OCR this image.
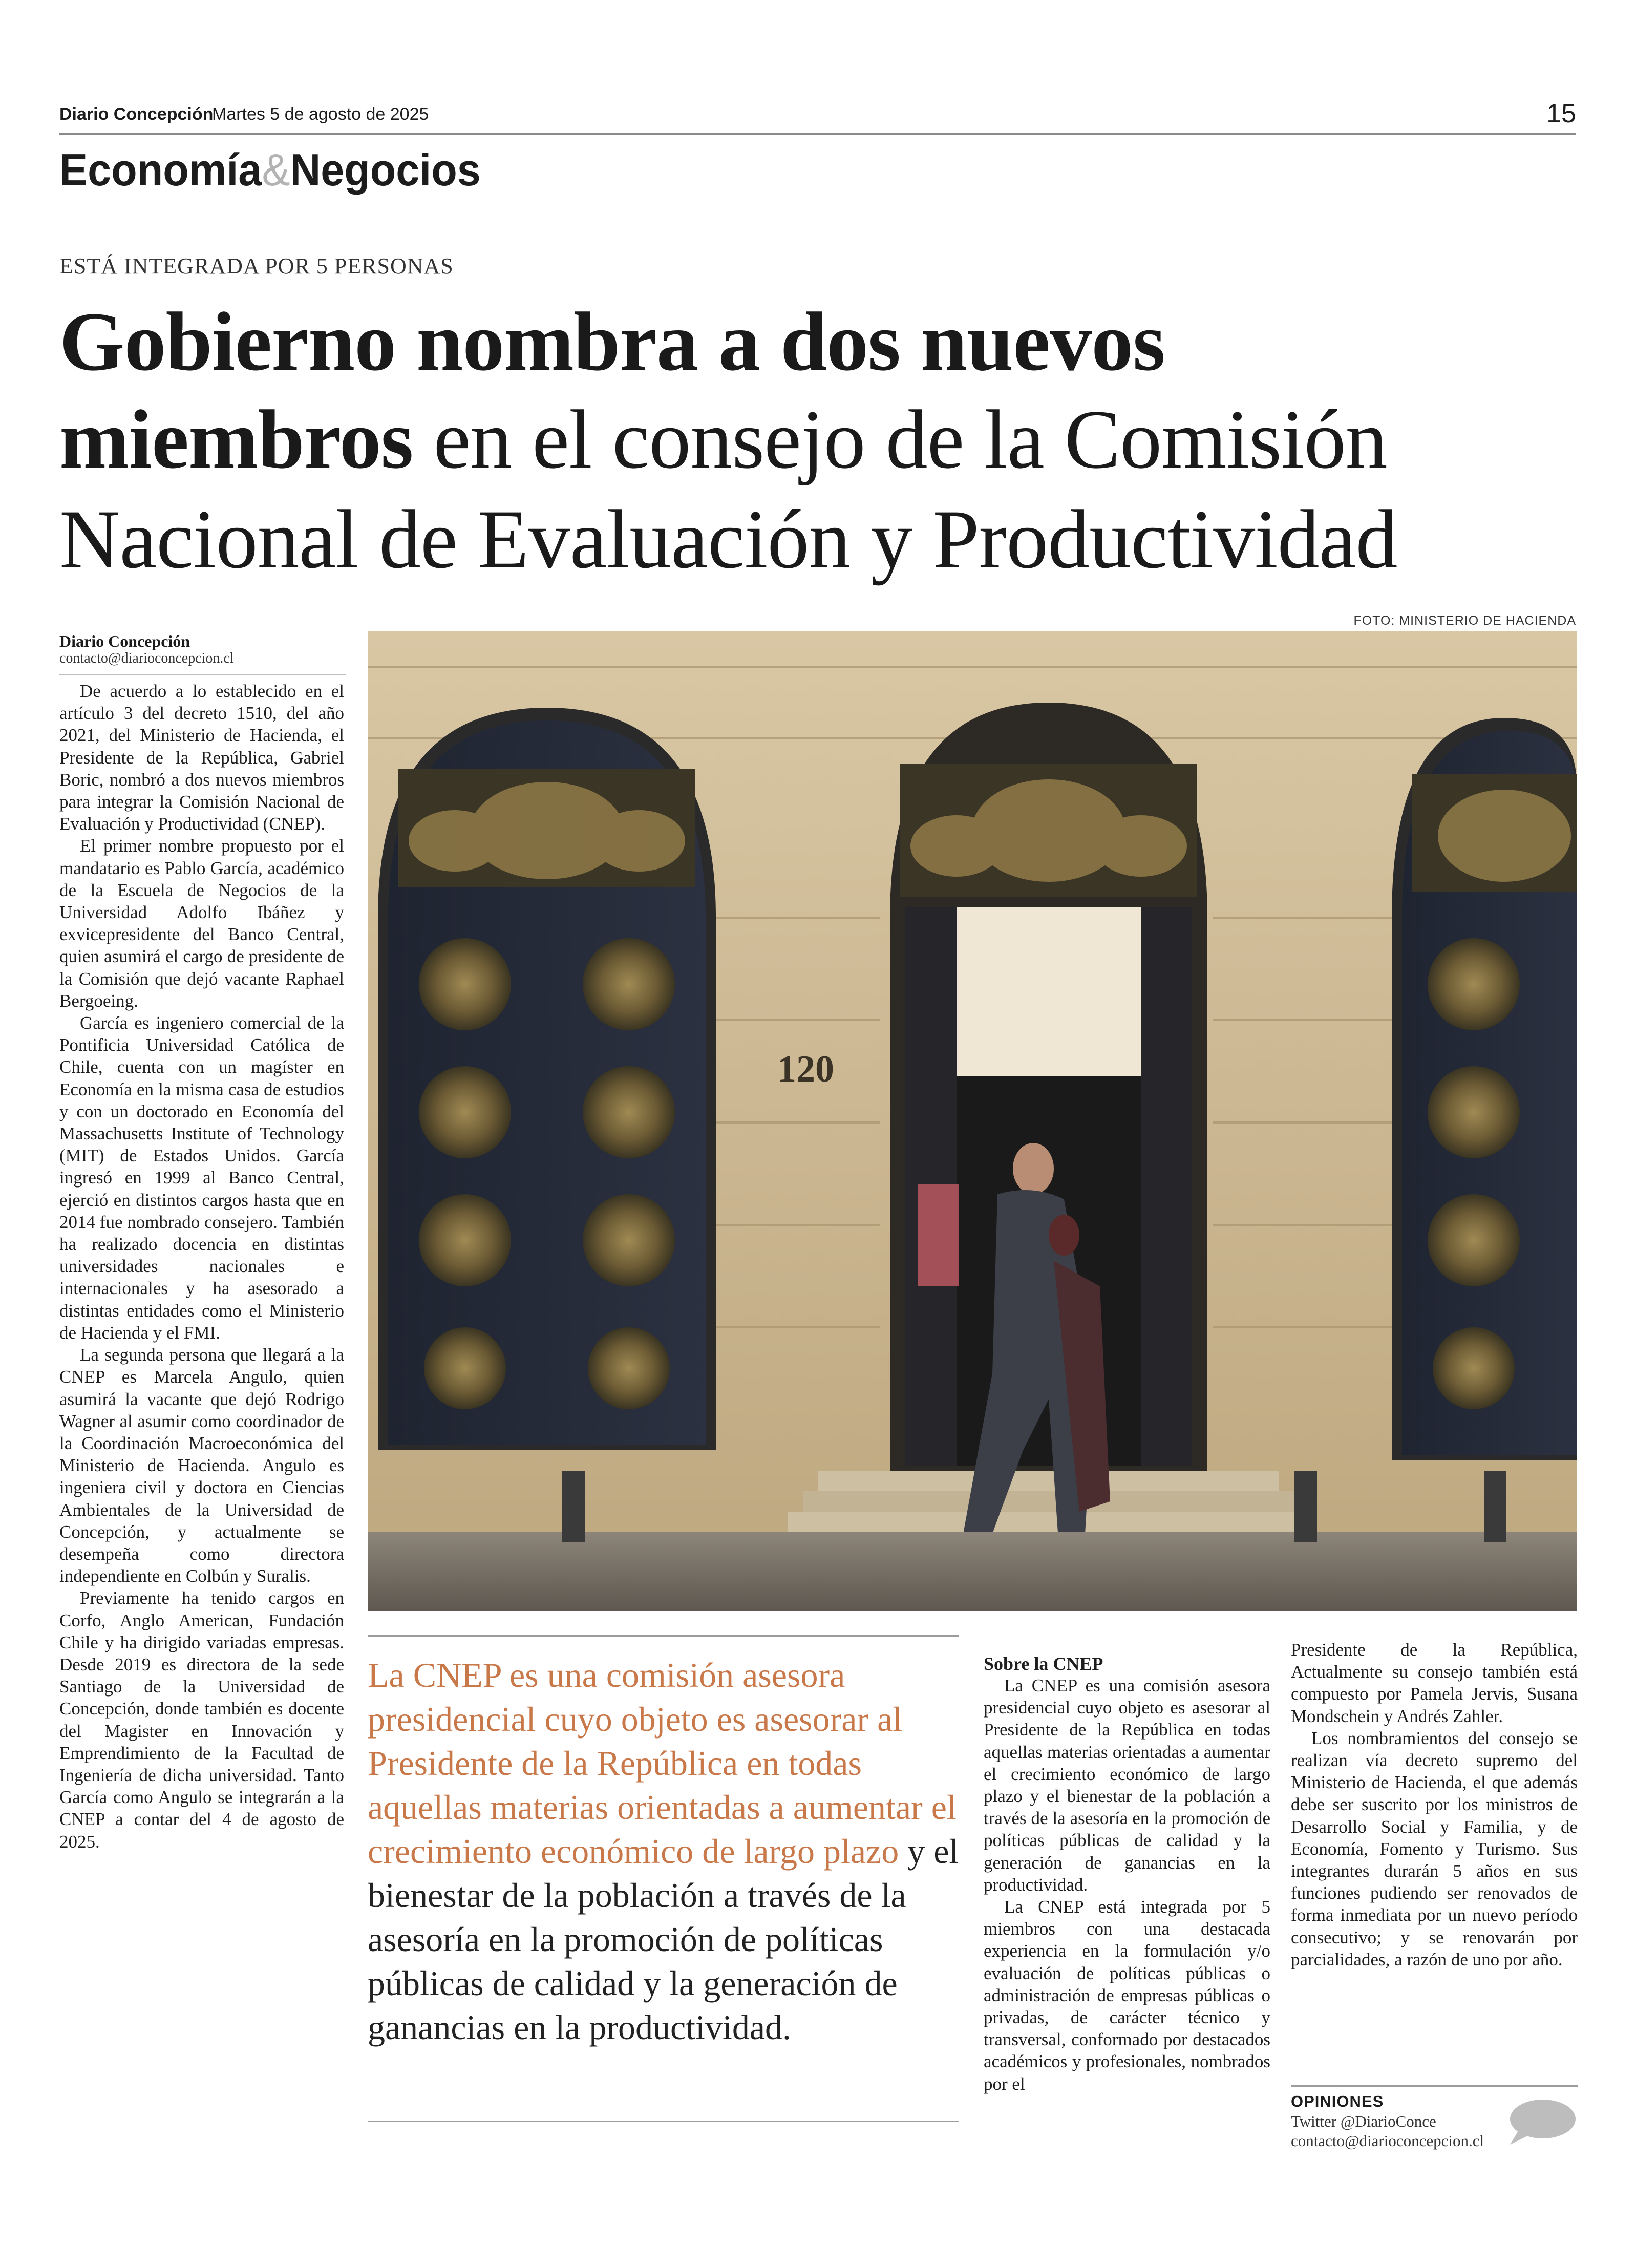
Diario Concepción
Martes 5 de agosto de 2025	15
Economía&Negocios
ESTÁ INTEGRADA POR 5 PERSONAS
Gobierno nombra a dos nuevos
miembros en el consejo de la Comisión
Nacional de Evaluación y Productividad
Diario Concepción
contacto@diarioconcepcion.cl

De acuerdo a lo establecido en el artículo 3 del decreto 1510, del año 2021, del Ministerio de Hacienda, el Presidente de la República, Gabriel Boric, nombró a dos nuevos miembros para integrar la Comisión Nacional de Evaluación y Productividad (CNEP).

El primer nombre propuesto por el mandatario es Pablo García, académico de la Escuela de Negocios de la Universidad Adolfo Ibáñez y exvicepresidente del Banco Central, quien asumirá el cargo de presidente de la Comisión que dejó vacante Raphael Bergoeing.

García es ingeniero comercial de la Pontificia Universidad Católica de Chile, cuenta con un magíster en Economía en la misma casa de estudios y con un doctorado en Economía del Massachusetts Institute of Technology (MIT) de Estados Unidos. García ingresó en 1999 al Banco Central, ejerció en distintos cargos hasta que en 2014 fue nombrado consejero. También ha realizado docencia en distintas universidades nacionales e internacionales y ha asesorado a distintas entidades como el Ministerio de Hacienda y el FMI.

La segunda persona que llegará a la CNEP es Marcela Angulo, quien asumirá la vacante que dejó Rodrigo Wagner al asumir como coordinador de la Coordinación Macroeconómica del Ministerio de Hacienda. Angulo es ingeniera civil y doctora en Ciencias Ambientales de la Universidad de Concepción, y actualmente se desempeña como directora independiente en Colbún y Suralis.

Previamente ha tenido cargos en Corfo, Anglo American, Fundación Chile y ha dirigido variadas empresas. Desde 2019 es directora de la sede Santiago de la Universidad de Concepción, donde también es docente del Magister en Innovación y Emprendimiento de la Facultad de Ingeniería de dicha universidad. Tanto García como Angulo se integrarán a la CNEP a contar del 4 de agosto de 2025.

FOTO: MINISTERIO DE HACIENDA
120
La CNEP es una comisión asesora presidencial cuyo objeto es asesorar al Presidente de la República en todas aquellas materias orientadas a aumentar el crecimiento económico de largo plazo y el bienestar de la población a través de la asesoría en la promoción de políticas públicas de calidad y la generación de ganancias en la productividad.

Sobre la CNEP

La CNEP es una comisión asesora presidencial cuyo objeto es asesorar al Presidente de la República en todas aquellas materias orientadas a aumentar el crecimiento económico de largo plazo y el bienestar de la población a través de la asesoría en la promoción de políticas públicas de calidad y la generación de ganancias en la productividad.

La CNEP está integrada por 5 miembros con una destacada experiencia en la formulación y/o evaluación de políticas públicas o administración de empresas públicas o privadas, de carácter técnico y transversal, conformado por destacados académicos y profesionales, nombrados por el

Presidente de la República, Actualmente su consejo también está compuesto por Pamela Jervis, Susana Mondschein y Andrés Zahler.

Los nombramientos del consejo se realizan vía decreto supremo del Ministerio de Hacienda, el que además debe ser suscrito por los ministros de Desarrollo Social y Familia, y de Economía, Fomento y Turismo. Sus integrantes durarán 5 años en sus funciones pudiendo ser renovados de forma inmediata por un nuevo período consecutivo; y se renovarán por parcialidades, a razón de uno por año.

OPINIONES
Twitter @DiarioConce
contacto@diarioconcepcion.cl
